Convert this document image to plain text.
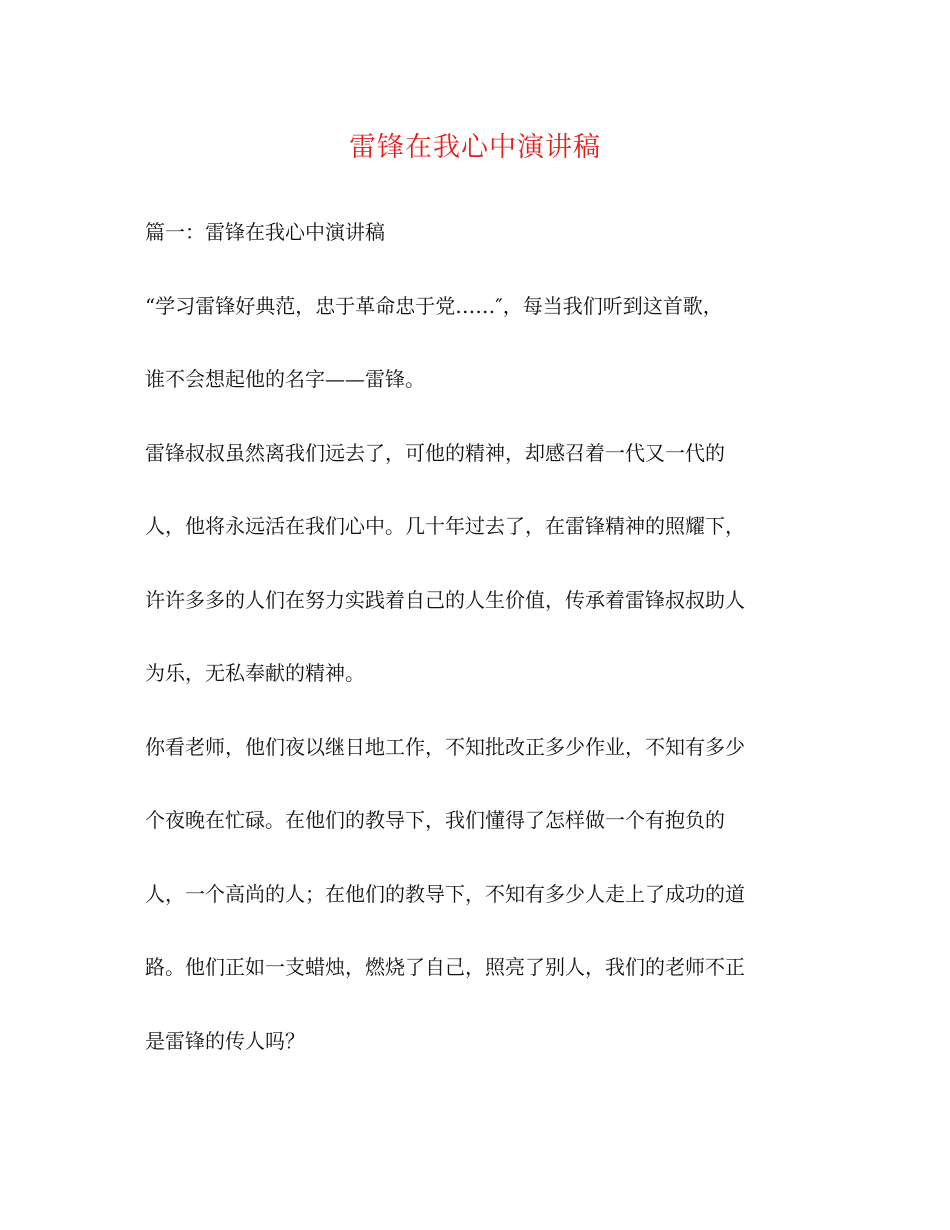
雷锋在我心中演讲稿
篇一：雷锋在我心中演讲稿
“学习雷锋好典范，忠于革命忠于党……″，每当我们听到这首歌，
谁不会想起他的名字——雷锋。
雷锋叔叔虽然离我们远去了，可他的精神，却感召着一代又一代的
人，他将永远活在我们心中。几十年过去了，在雷锋精神的照耀下，
许许多多的人们在努力实践着自己的人生价值，传承着雷锋叔叔助人
为乐，无私奉献的精神。
你看老师，他们夜以继日地工作，不知批改正多少作业，不知有多少
个夜晚在忙碌。在他们的教导下，我们懂得了怎样做一个有抱负的
人，一个高尚的人；在他们的教导下，不知有多少人走上了成功的道
路。他们正如一支蜡烛，燃烧了自己，照亮了别人，我们的老师不正
是雷锋的传人吗？
